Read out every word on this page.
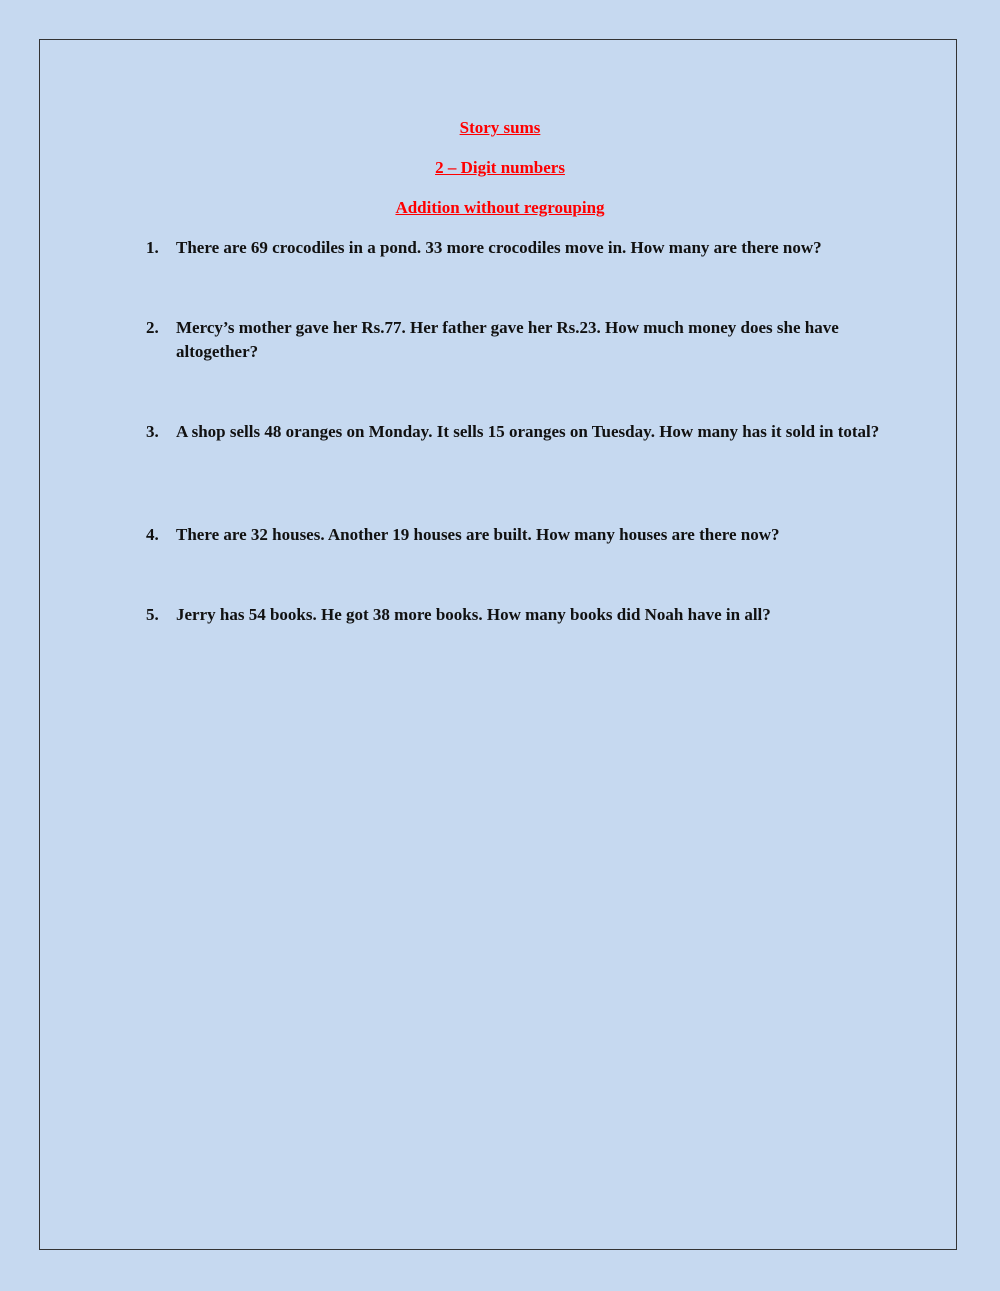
Story sums
2 – Digit numbers
Addition without regrouping
1.	There are 69 crocodiles in a pond. 33 more crocodiles move in. How many are there now?
2.	Mercy’s mother gave her Rs.77. Her father gave her Rs.23. How much money does she have altogether?
3.	A shop sells 48 oranges on Monday. It sells 15 oranges on Tuesday. How many has it sold in total?
4.	There are 32 houses. Another 19 houses are built. How many houses are there now?
5.	Jerry has 54 books. He got 38 more books. How many books did Noah have in all?
